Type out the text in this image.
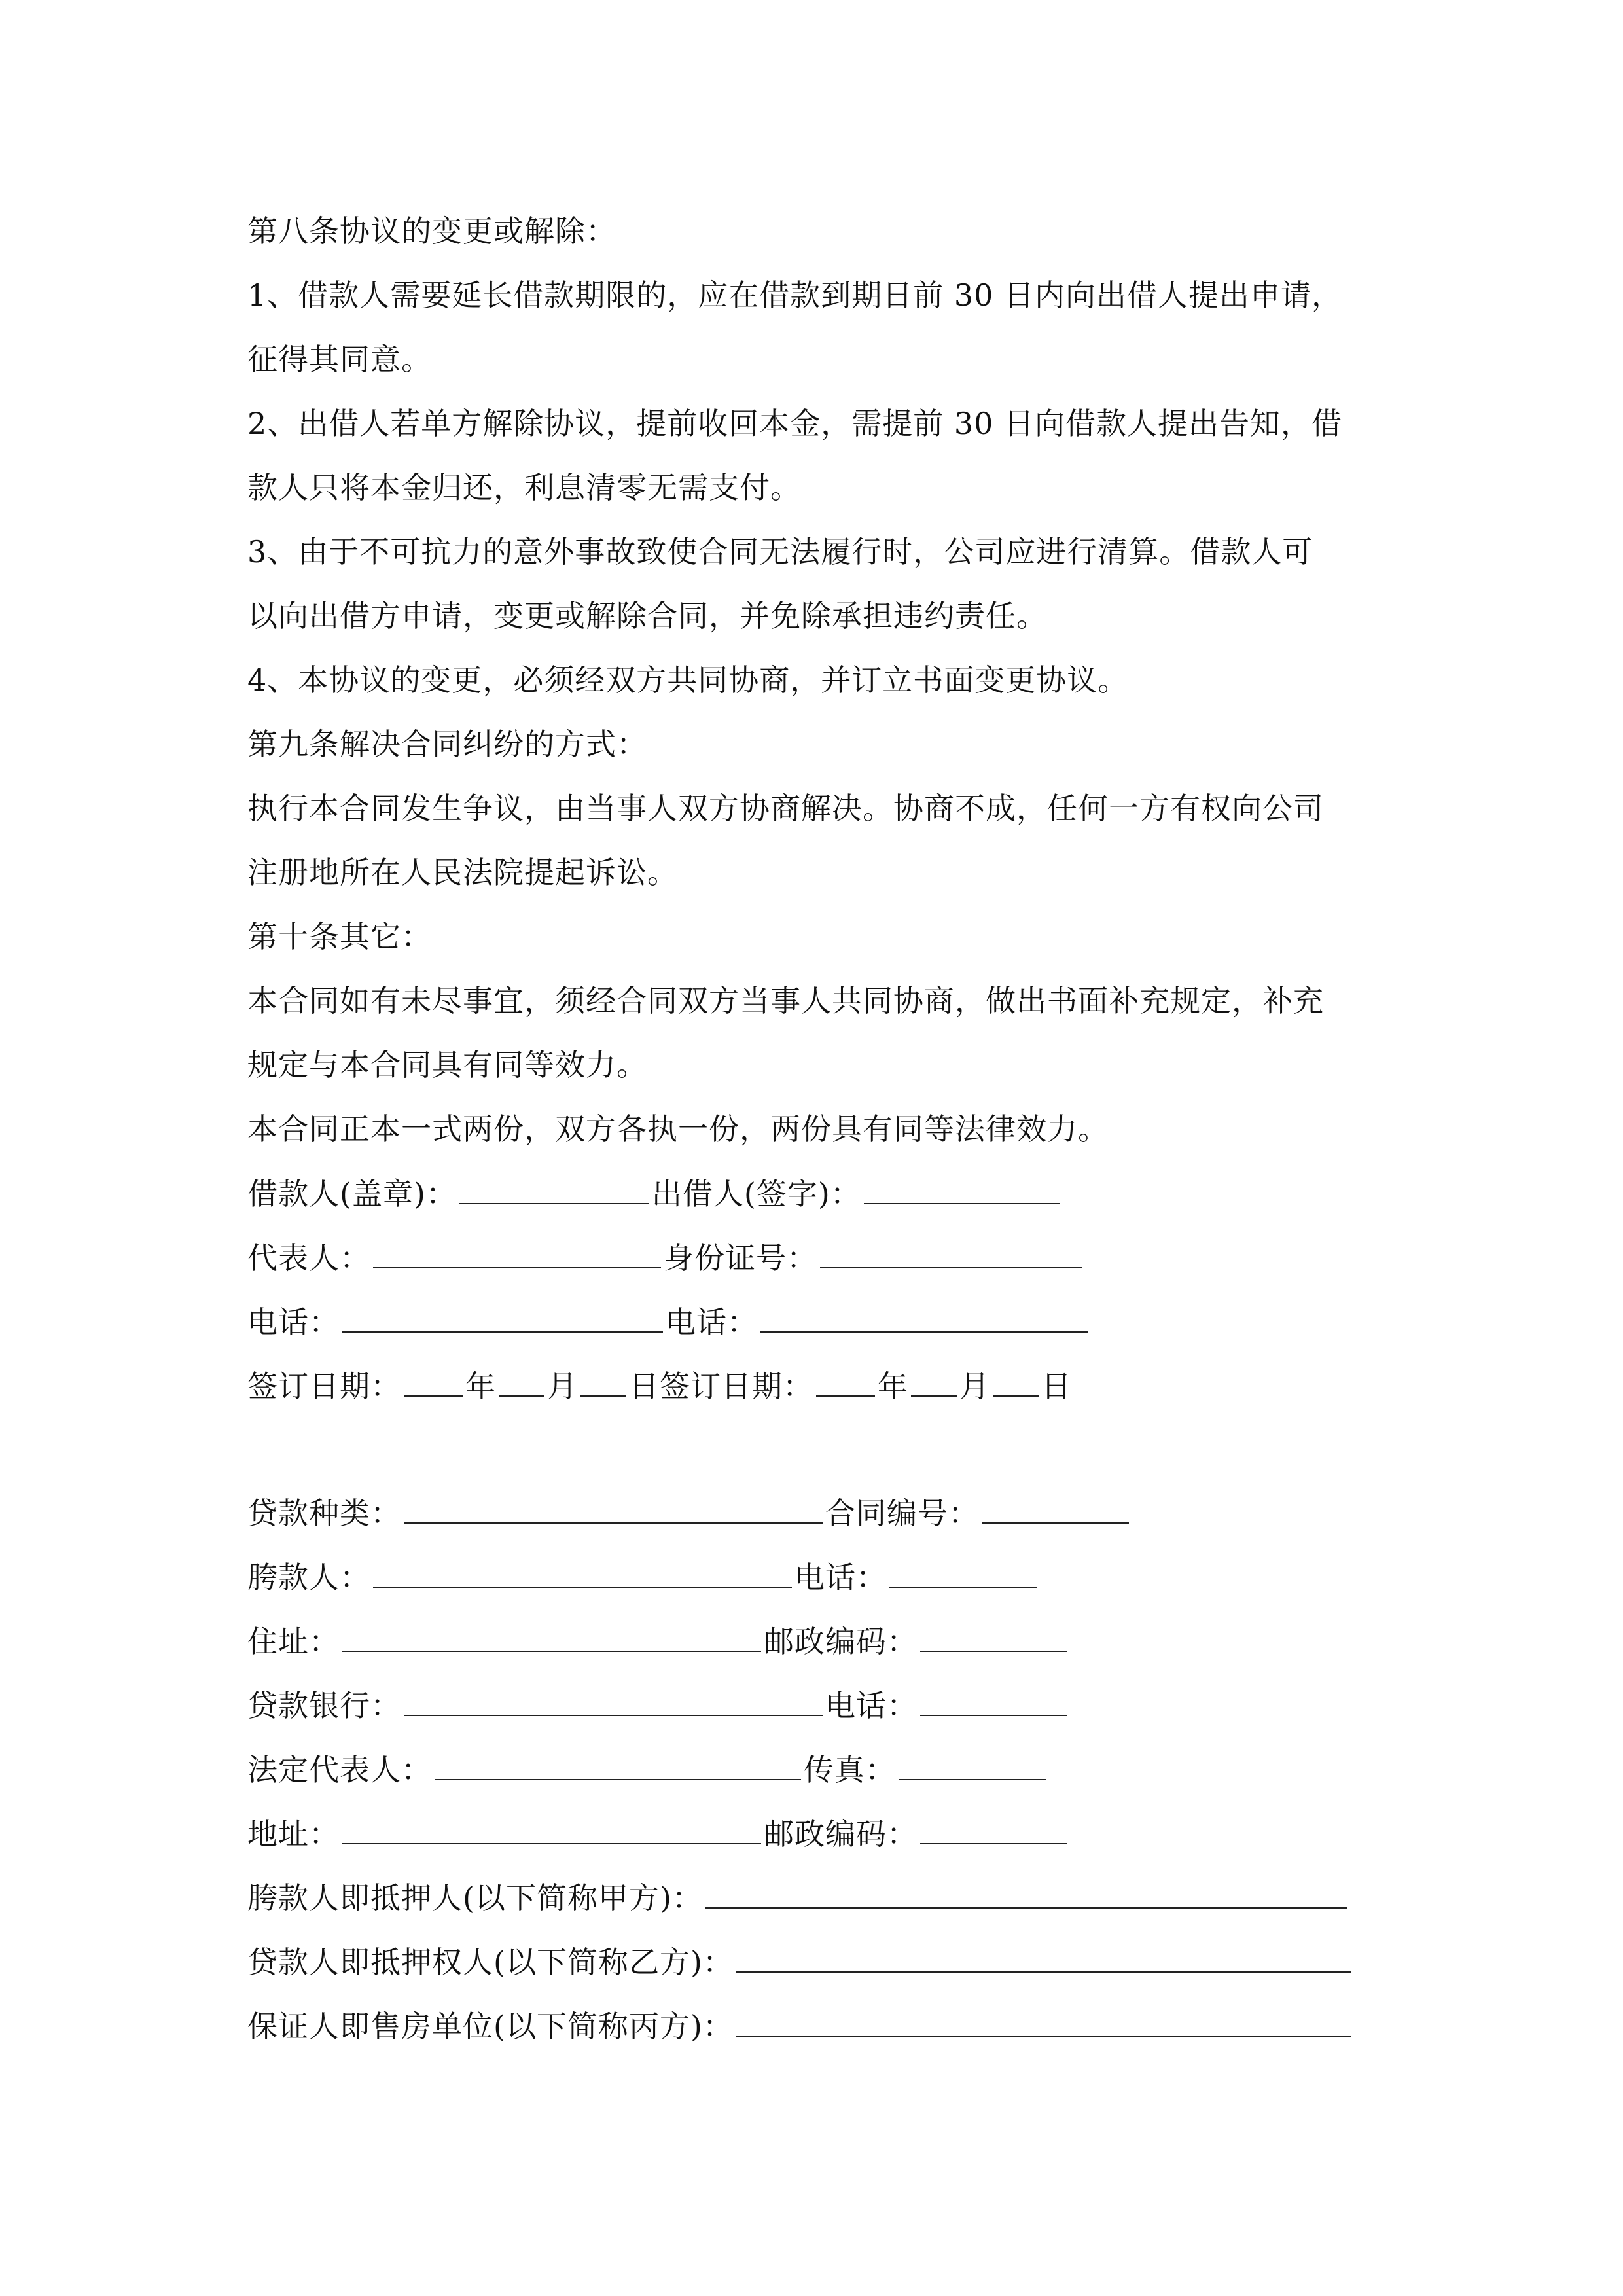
第八条协议的变更或解除：
1、借款人需要延长借款期限的，应在借款到期日前 30 日内向出借人提出申请，
征得其同意。
2、出借人若单方解除协议，提前收回本金，需提前 30 日向借款人提出告知，借
款人只将本金归还，利息清零无需支付。
3、由于不可抗力的意外事故致使合同无法履行时，公司应进行清算。借款人可
以向出借方申请，变更或解除合同，并免除承担违约责任。
4、本协议的变更，必须经双方共同协商，并订立书面变更协议。
第九条解决合同纠纷的方式：
执行本合同发生争议，由当事人双方协商解决。协商不成，任何一方有权向公司
注册地所在人民法院提起诉讼。
第十条其它：
本合同如有未尽事宜，须经合同双方当事人共同协商，做出书面补充规定，补充
规定与本合同具有同等效力。
本合同正本一式两份，双方各执一份，两份具有同等法律效力。
借款人(盖章)：	出借人(签字)：
代表人：	身份证号：
电话：	电话：
签订日期： 年 月 日签订日期： 年 月 日
贷款种类：	合同编号：
胯款人：	电话：
住址：	邮政编码：
贷款银行：	电话：
法定代表人：	传真：
地址：	邮政编码：
胯款人即抵押人(以下简称甲方)：
贷款人即抵押权人(以下简称乙方)：
保证人即售房单位(以下简称丙方)：
